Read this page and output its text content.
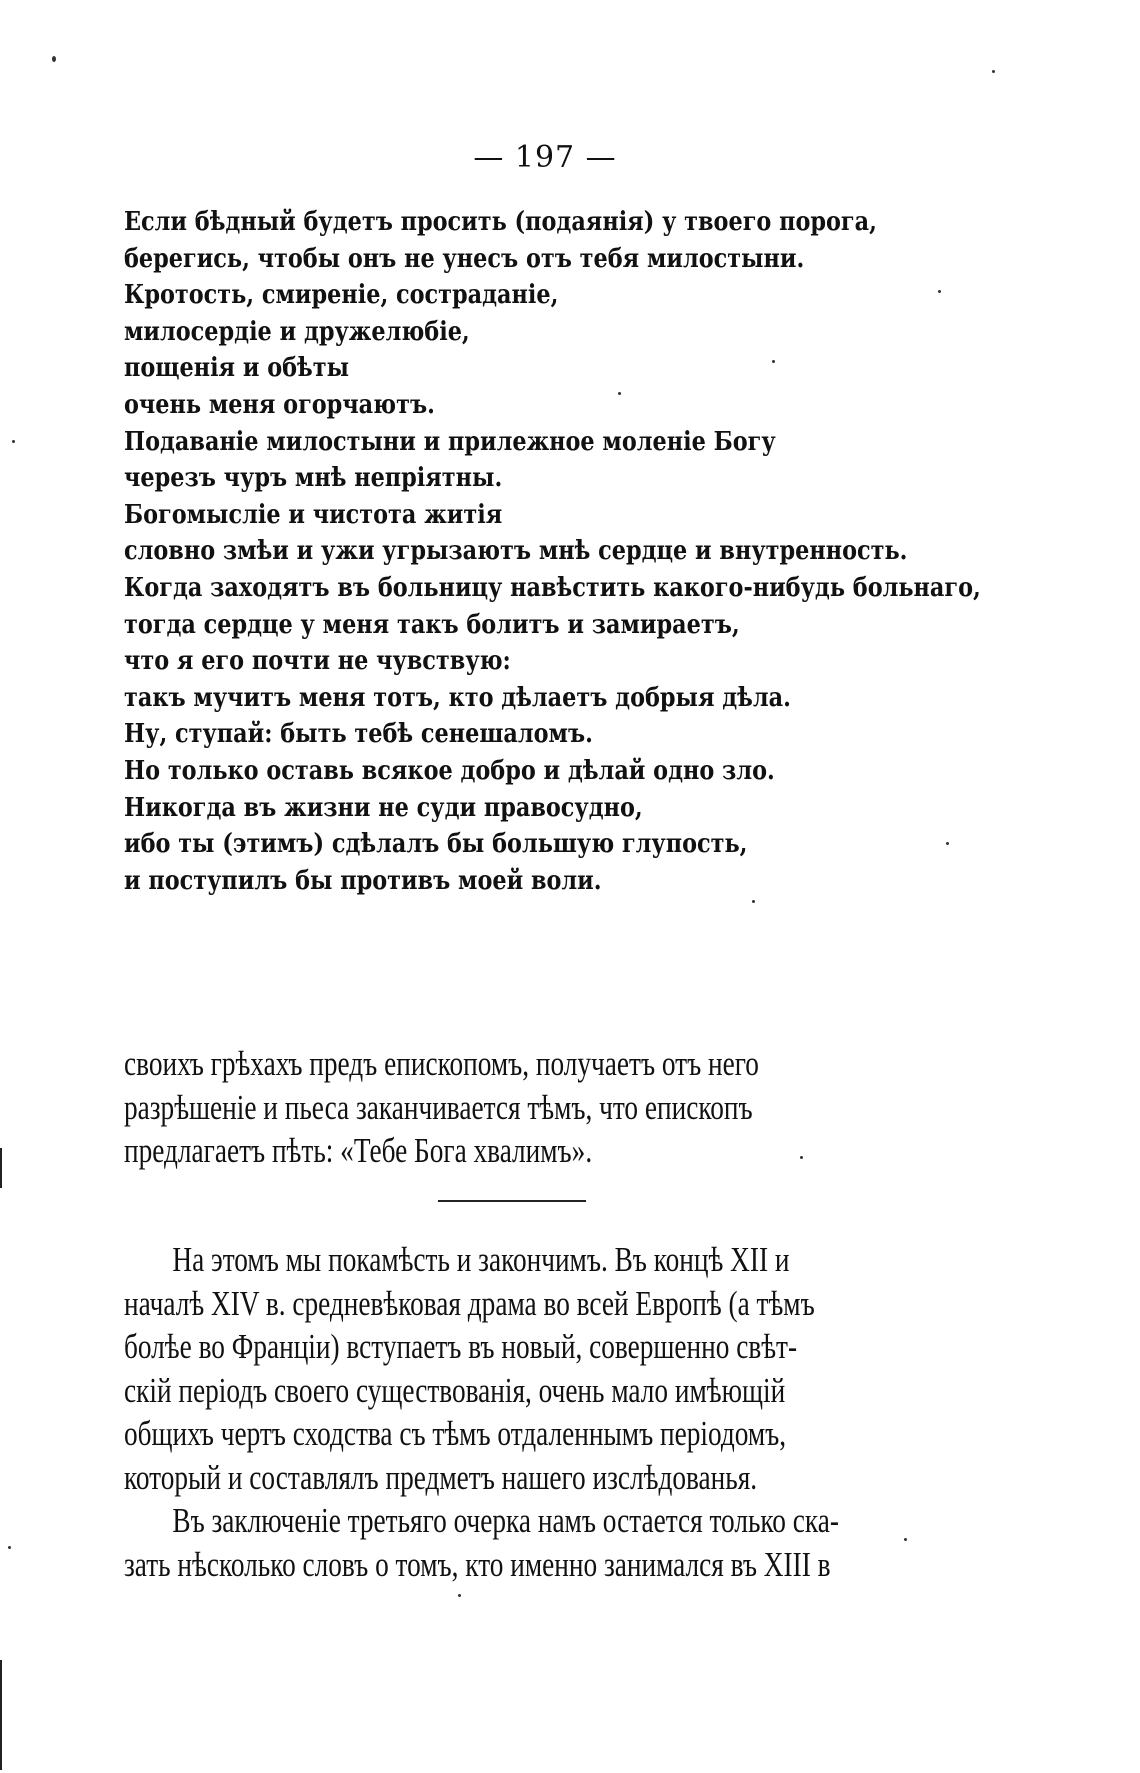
— 197 —
Если бѣдный будетъ просить (подаянія) у твоего порога,
берегись, чтобы онъ не унесъ отъ тебя милостыни.
Кротость, смиреніе, состраданіе,
милосердіе и дружелюбіе,
пощенія и обѣты
очень меня огорчаютъ.
Подаваніе милостыни и прилежное моленіе Богу
черезъ чуръ мнѣ непріятны.
Богомысліе и чистота житія
словно змѣи и ужи угрызаютъ мнѣ сердце и внутренность.
Когда заходятъ въ больницу навѣстить какого-нибудь больнаго,
тогда сердце у меня такъ болитъ и замираетъ,
что я его почти не чувствую:
такъ мучитъ меня тотъ, кто дѣлаетъ добрыя дѣла.
Ну, ступай: быть тебѣ сенешаломъ.
Но только оставь всякое добро и дѣлай одно зло.
Никогда въ жизни не суди правосудно,
ибо ты (этимъ) сдѣлалъ бы большую глупость,
и поступилъ бы противъ моей воли.
своихъ грѣхахъ предъ епископомъ, получаетъ отъ него
разрѣшеніе и пьеса заканчивается тѣмъ, что епископъ
предлагаетъ пѣть: «Тебе Бога хвалимъ».
На этомъ мы покамѣсть и закончимъ. Въ концѣ XII и
началѣ XIV в. средневѣковая драма во всей Европѣ (а тѣмъ
болѣе во Франціи) вступаетъ въ новый, совершенно свѣт-
скій періодъ своего существованія, очень мало имѣющій
общихъ чертъ сходства съ тѣмъ отдаленнымъ періодомъ,
который и составлялъ предметъ нашего изслѣдованья.
Въ заключеніе третьяго очерка намъ остается только ска-
зать нѣсколько словъ о томъ, кто именно занимался въ XIII в
